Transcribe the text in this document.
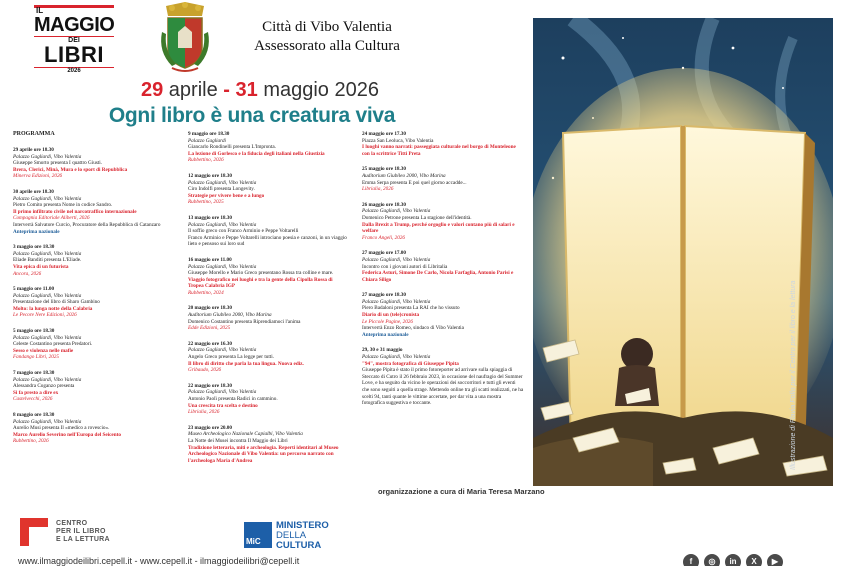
IL
MAGGIO
DEI
LIBRI
2026
Città di Vibo Valentia
Assessorato alla Cultura
29 aprile - 31 maggio 2026
Ogni libro è una creatura viva
Illustrazione di Flavia Follo per il Centro per il libro e la lettura
PROGRAMMA
29 aprile ore 18.30
Palazzo Gagliardi, Vibo Valentia
Giuseppe Smorto presenta I quattro Giusti.
Brera, Clerici, Minà, Mura e lo sport di Repubblica
Minerva Edizioni, 2026
30 aprile ore 18.30
Palazzo Gagliardi, Vibo Valentia
Pietro Comito presenta Nome in codice Sandro.
Il primo infiltrato civile nel narcotraffico internazionale
Compagnia Editoriale Aliberti, 2026
Interverrà Salvatore Curcio, Procuratore della Repubblica di Catanzaro
Anteprima nazionale
3 maggio ore 18.30
Palazzo Gagliardi, Vibo Valentia
Eliade Banditi presenta L'Eliade.
Vita epica di un futurista
Ancora, 2026
5 maggio ore 11.00
Palazzo Gagliardi, Vibo Valentia
Presentazione del libro di Sharo Gambino
Molto: la lunga notte della Calabria
Le Pecore Nere Edizioni, 2026
5 maggio ore 18.30
Palazzo Gagliardi, Vibo Valentia
Celeste Costantino presenta Predatori.
Sesso e violenza nelle mafie
Fandango Libri, 2025
7 maggio ore 18.30
Palazzo Gagliardi, Vibo Valentia
Alessandra Coganzo presenta
Si fa presto a dire ex
Castelvecchi, 2026
8 maggio ore 18.30
Palazzo Gagliardi, Vibo Valentia
Aurelio Musi presenta Il «medico a rovescio».
Marco Aurelio Severino nell'Europa del Seicento
Rubbettino, 2026
9 maggio ore 18.30
Palazzo Gagliardi
Giancarlo Rondinelli presenta L'Impronta.
La lezione di Gorlesco e la fiducia degli italiani nella Giustizia
Rubbettino, 2026
12 maggio ore 18.30
Palazzo Gagliardi, Vibo Valentia
Ciro Indolfi presenta Longevity.
Strategie per vivere bene e a lungo
Rubbettino, 2025
13 maggio ore 18.30
Palazzo Gagliardi, Vibo Valentia
Il soffio greco con Franco Arminio e Peppe Voltarelli
Franco Arminio e Peppe Voltarelli introciano poesia e canzoni, in un viaggio lieto e pensoso sui loro sud
16 maggio ore 11.00
Palazzo Gagliardi, Vibo Valentia
Giuseppe Morello e Mario Greco presentano Rossa tra colline e mare.
Viaggio fotografico nei luoghi e tra la gente della Cipolla Rossa di Tropea Calabria IGP
Rubbettino, 2024
20 maggio ore 18.30
Auditorium Giubileo 2000, Vibo Marina
Domenico Costantino presenta Riprendiamoci l'anima
Edde Edizioni, 2025
22 maggio ore 16.30
Palazzo Gagliardi, Vibo Valentia
Angelo Greco presenta La legge per tutti.
Il libro di diritto che parla la tua lingua. Nuova ediz.
Gribaudo, 2026
22 maggio ore 18.30
Palazzo Gagliardi, Vibo Valentia
Antonio Paolì presenta Radici in cammino.
Una crescita tra scelta e destino
Librialia, 2026
23 maggio ore 20.00
Museo Archeologico Nazionale Capialbi, Vibo Valentia
La Notte dei Musei incontra Il Maggio dei Libri
Tradizione letteraria, miti e archeologia. Reperti identitari al Museo Archeologico Nazionale di Vibo Valentia: un percorso narrato con l'archeologa Maria d'Andrea
24 maggio ore 17.30
Piazza San Leoluca, Vibo Valentia
I luoghi vanno narrati: passeggiata culturale nel borgo di Monteleone con la scrittrice Titti Preta
25 maggio ore 18.30
Auditorium Giubileo 2000, Vibo Marina
Emma Serpa presenta E poi quel giorno accadde...
Librialia, 2026
26 maggio ore 18.30
Palazzo Gagliardi, Vibo Valentia
Domenico Petrone presenta La stagione dell'identità.
Dalla Brexit a Trump, perché orgoglio e valori contano più di salari e welfare
Franco Angeli, 2026
27 maggio ore 17.00
Palazzo Gagliardi, Vibo Valentia
Incontro con i giovani autori di Libritalia
Federica Asturi, Simone De Carlo, Nicola Farfaglia, Antonio Parisi e Chiara Siligo
27 maggio ore 18.30
Palazzo Gagliardi, Vibo Valentia
Piero Badaloni presenta La RAI che ho vissuto
Diario di un (tele)cronista
Le Piccole Pagine, 2026
Interverrà Enzo Romeo, sindaco di Vibo Valentia
Anteprima nazionale
29, 30 e 31 maggio
Palazzo Gagliardi, Vibo Valentia
"94", mostra fotografica di Giuseppe Pipita
Giuseppe Pipita è stato il primo fotoreporter ad arrivare sulla spiaggia di Steccato di Cutro il 26 febbraio 2023, in occasione del naufragio del Summer Love, e ha seguito da vicino le operazioni dei soccorritori e tutti gli eventi che sono seguiti a quella strage. Mettendo online tra gli scatti realizzati, ne ha scelti 94, tanti quante le vittime accertate, per dar vita a una mostra fotografica suggestiva e toccante.
organizzazione a cura di Maria Teresa Marzano
CENTRO
PER IL LIBRO
E LA LETTURA	MiC
MINISTERO
DELLA
CULTURA
www.ilmaggiodeilibri.cepell.it - www.cepell.it - ilmaggiodeilibri@cepell.it	f	◎	in	X	▶
